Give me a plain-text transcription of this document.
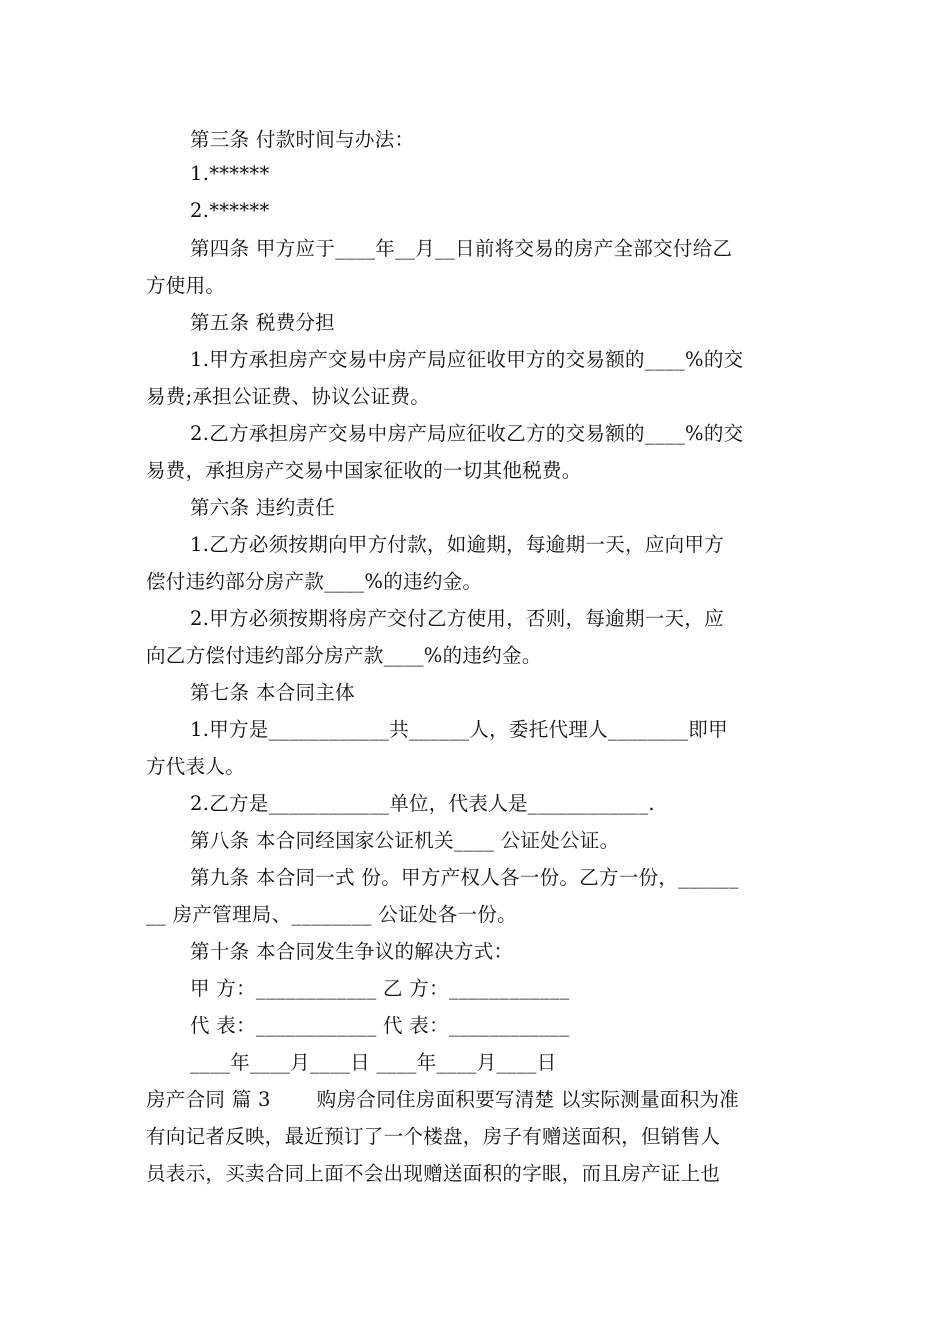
第三条 付款时间与办法：
1.******
2.******
第四条 甲方应于____年__月__日前将交易的房产全部交付给乙
方使用。
第五条 税费分担
1.甲方承担房产交易中房产局应征收甲方的交易额的____%的交
易费;承担公证费、协议公证费。
2.乙方承担房产交易中房产局应征收乙方的交易额的____%的交
易费，承担房产交易中国家征收的一切其他税费。
第六条 违约责任
1.乙方必须按期向甲方付款，如逾期，每逾期一天，应向甲方
偿付违约部分房产款____%的违约金。
2.甲方必须按期将房产交付乙方使用，否则，每逾期一天，应
向乙方偿付违约部分房产款____%的违约金。
第七条 本合同主体
1.甲方是____________共______人，委托代理人________即甲
方代表人。
2.乙方是____________单位，代表人是____________.
第八条 本合同经国家公证机关____ 公证处公证。
第九条 本合同一式 份。甲方产权人各一份。乙方一份，______
__ 房产管理局、________ 公证处各一份。
第十条 本合同发生争议的解决方式：
甲 方：____________ 乙 方：____________
代 表：____________ 代 表：____________
____年____月____日 ____年____月____日
房产合同 篇 3　　 购房合同住房面积要写清楚 以实际测量面积为准
有向记者反映，最近预订了一个楼盘，房子有赠送面积，但销售人
员表示，买卖合同上面不会出现赠送面积的字眼，而且房产证上也
